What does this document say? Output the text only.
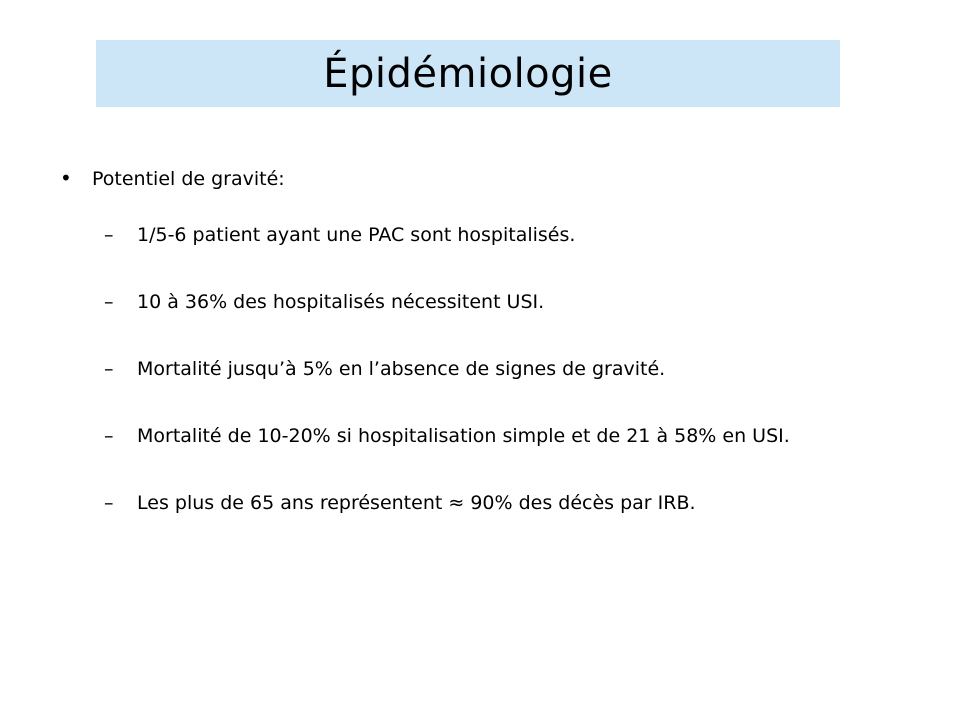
Épidémiologie
•	Potentiel de gravité:
–	1/5-6 patient ayant une PAC sont hospitalisés.
–	10 à 36% des hospitalisés nécessitent USI.
–	Mortalité jusqu’à 5% en l’absence de signes de gravité.
–	Mortalité de 10-20% si hospitalisation simple et de 21 à 58% en USI.
–	Les plus de 65 ans représentent ≈ 90% des décès par IRB.
